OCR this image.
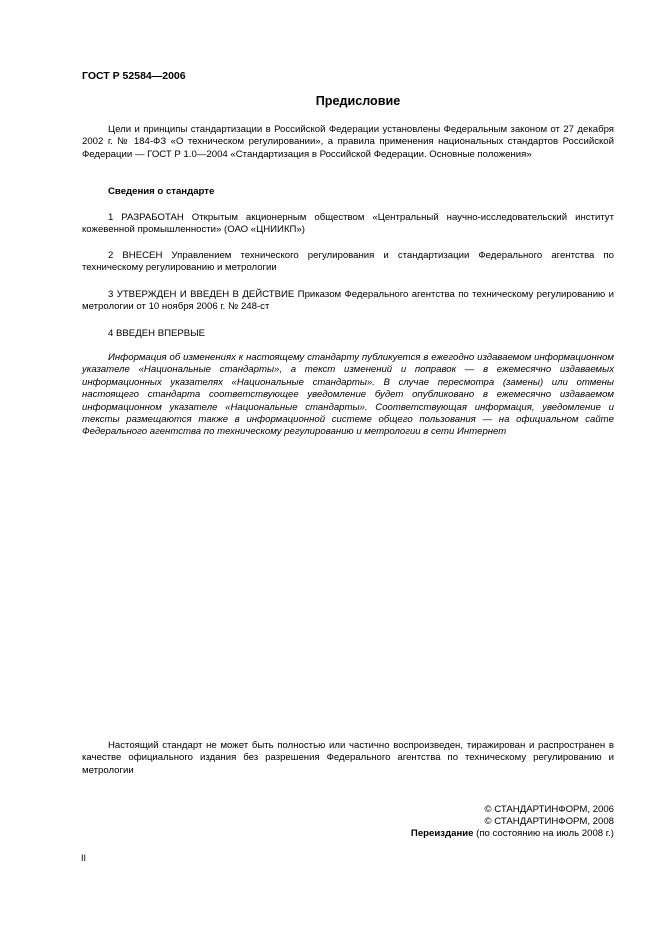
ГОСТ Р 52584—2006
Предисловие

Цели и принципы стандартизации в Российской Федерации установлены Федеральным законом от 27 декабря 2002 г. № 184-ФЗ «О техническом регулировании», а правила применения национальных стандартов Российской Федерации — ГОСТ Р 1.0—2004 «Стандартизация в Российской Федерации. Основные положения»

Сведения о стандарте

1 РАЗРАБОТАН Открытым акционерным обществом «Центральный научно-исследовательский институт кожевенной промышленности» (ОАО «ЦНИИКП»)

2 ВНЕСЕН Управлением технического регулирования и стандартизации Федерального агентства по техническому регулированию и метрологии

3 УТВЕРЖДЕН И ВВЕДЕН В ДЕЙСТВИЕ Приказом Федерального агентства по техническому регулированию и метрологии от 10 ноября 2006 г. № 248-ст

4 ВВЕДЕН ВПЕРВЫЕ

Информация об изменениях к настоящему стандарту публикуется в ежегодно издаваемом информационном указателе «Национальные стандарты», а текст изменений и поправок — в ежемесячно издаваемых информационных указателях «Национальные стандарты». В случае пересмотра (замены) или отмены настоящего стандарта соответствующее уведомление будет опубликовано в ежемесячно издаваемом информационном указателе «Национальные стандарты». Соответствующая информация, уведомление и тексты размещаются также в информационной системе общего пользования — на официальном сайте Федерального агентства по техническому регулированию и метрологии в сети Интернет

Настоящий стандарт не может быть полностью или частично воспроизведен, тиражирован и распространен в качестве официального издания без разрешения Федерального агентства по техническому регулированию и метрологии

© СТАНДАРТИНФОРМ, 2006
© СТАНДАРТИНФОРМ, 2008
Переиздание (по состоянию на июль 2008 г.)
II
